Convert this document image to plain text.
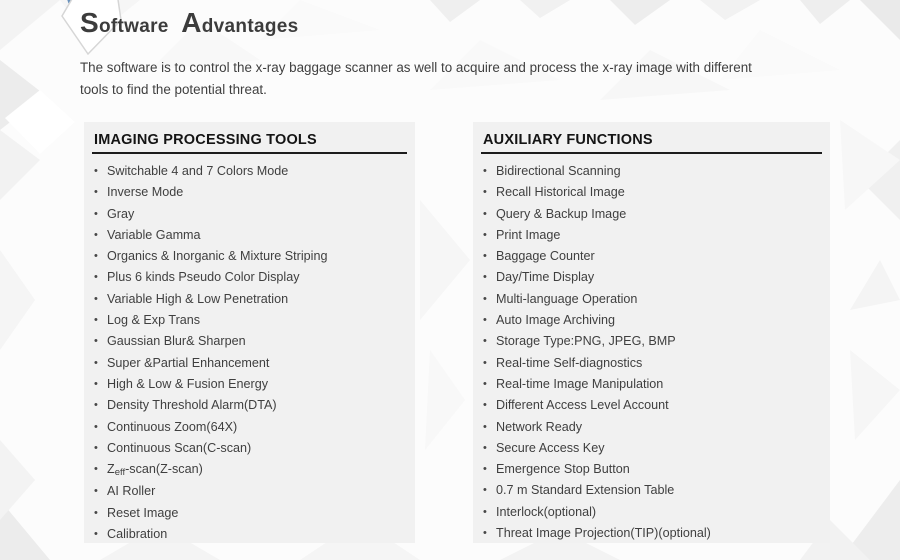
Software Advantages

The software is to control the x-ray baggage scanner as well to acquire and process the x-ray image with different
tools to find the potential threat.

IMAGING PROCESSING TOOLS
• Switchable 4 and 7 Colors Mode
• Inverse Mode
• Gray
• Variable Gamma
• Organics & Inorganic & Mixture Striping
• Plus 6 kinds Pseudo Color Display
• Variable High & Low Penetration
• Log & Exp Trans
• Gaussian Blur& Sharpen
• Super &Partial Enhancement
• High & Low & Fusion Energy
• Density Threshold Alarm(DTA)
• Continuous Zoom(64X)
• Continuous Scan(C-scan)
• Zeff-scan(Z-scan)
• AI Roller
• Reset Image
• Calibration
AUXILIARY FUNCTIONS
• Bidirectional Scanning
• Recall Historical Image
• Query & Backup Image
• Print Image
• Baggage Counter
• Day/Time Display
• Multi-language Operation
• Auto Image Archiving
• Storage Type:PNG, JPEG, BMP
• Real-time Self-diagnostics
• Real-time Image Manipulation
• Different Access Level Account
• Network Ready
• Secure Access Key
• Emergence Stop Button
• 0.7 m Standard Extension Table
• Interlock(optional)
• Threat Image Projection(TIP)(optional)
